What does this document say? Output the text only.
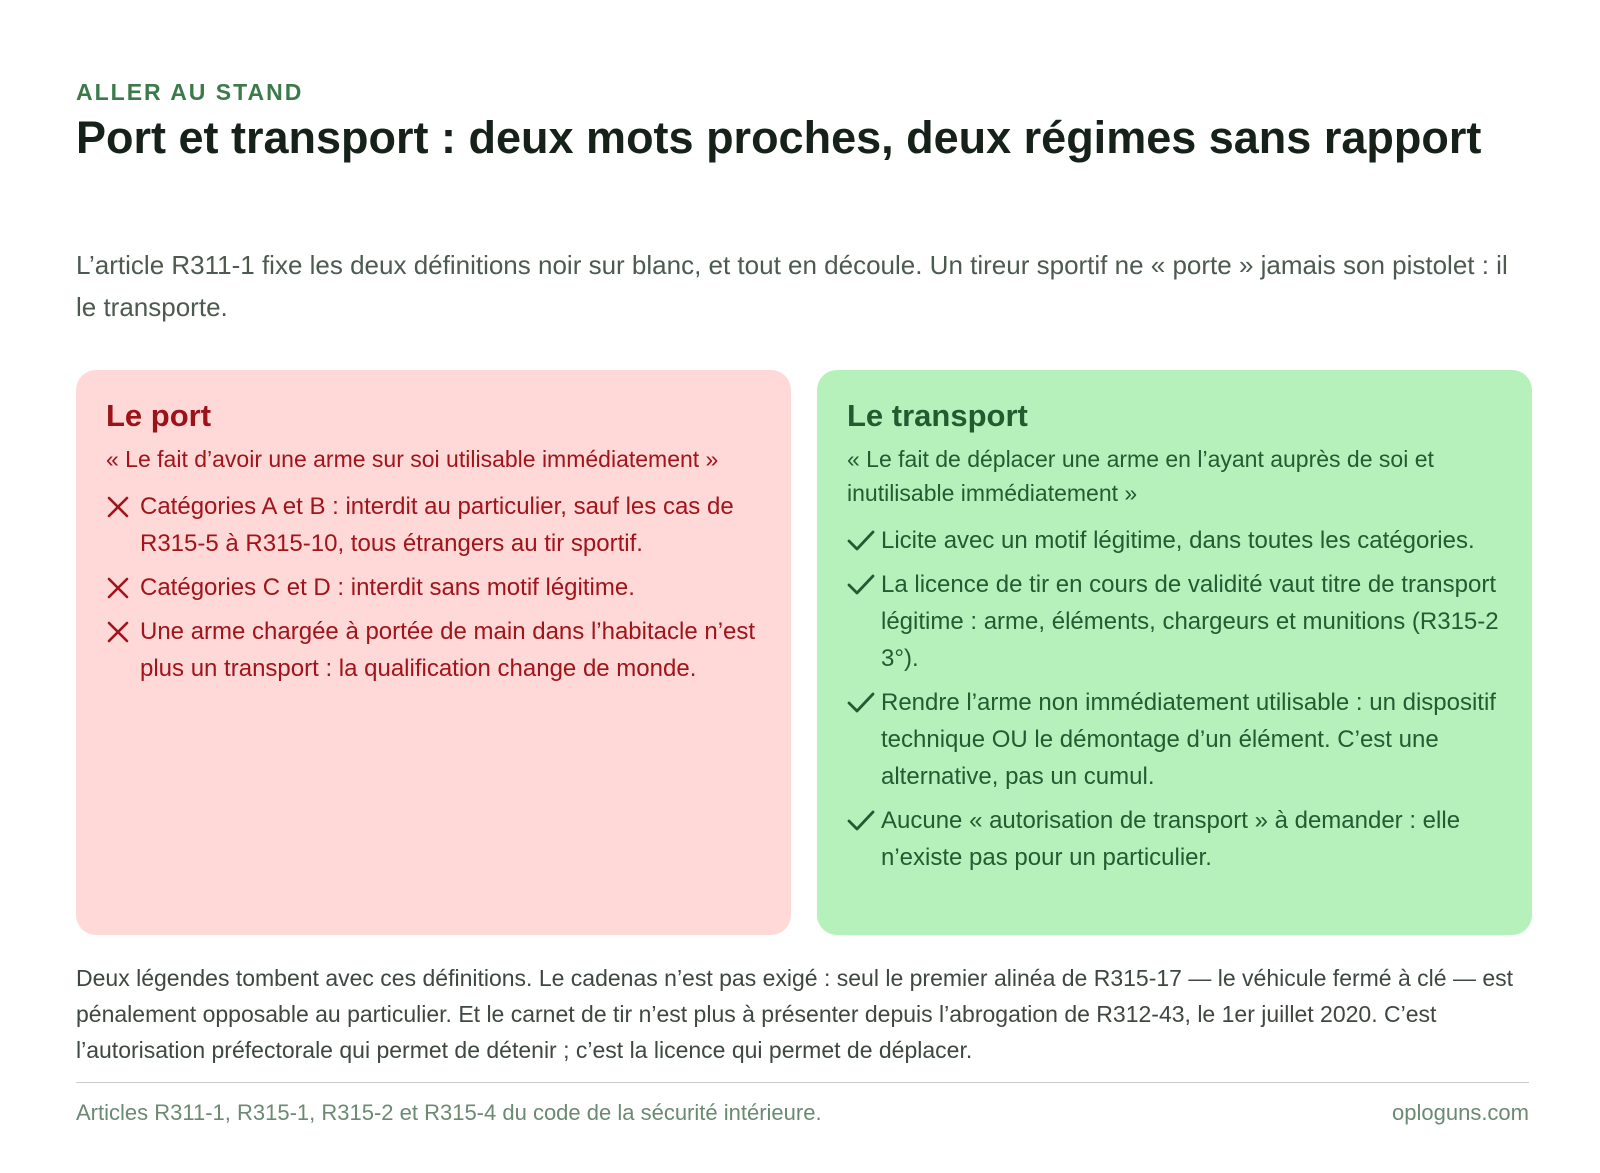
ALLER AU STAND
Port et transport : deux mots proches, deux régimes sans rapport

L’article R311-1 fixe les deux définitions noir sur blanc, et tout en découle. Un tireur sportif ne « porte » jamais son pistolet : il le transporte.

Le port
« Le fait d’avoir une arme sur soi utilisable immédiatement »
Catégories A et B : interdit au particulier, sauf les cas de R315-5 à R315-10, tous étrangers au tir sportif.
Catégories C et D : interdit sans motif légitime.
Une arme chargée à portée de main dans l’habitacle n’est plus un transport : la qualification change de monde.
Le transport
« Le fait de déplacer une arme en l’ayant auprès de soi et inutilisable immédiatement »
Licite avec un motif légitime, dans toutes les catégories.
La licence de tir en cours de validité vaut titre de transport légitime : arme, éléments, chargeurs et munitions (R315-2 3°).
Rendre l’arme non immédiatement utilisable : un dispositif technique OU le démontage d’un élément. C’est une alternative, pas un cumul.
Aucune « autorisation de transport » à demander : elle n’existe pas pour un particulier.

Deux légendes tombent avec ces définitions. Le cadenas n’est pas exigé : seul le premier alinéa de R315-17 — le véhicule fermé à clé — est pénalement opposable au particulier. Et le carnet de tir n’est plus à présenter depuis l’abrogation de R312-43, le 1er juillet 2020. C’est l’autorisation préfectorale qui permet de détenir ; c’est la licence qui permet de déplacer.

Articles R311-1, R315-1, R315-2 et R315-4 du code de la sécurité intérieure.	oploguns.com
